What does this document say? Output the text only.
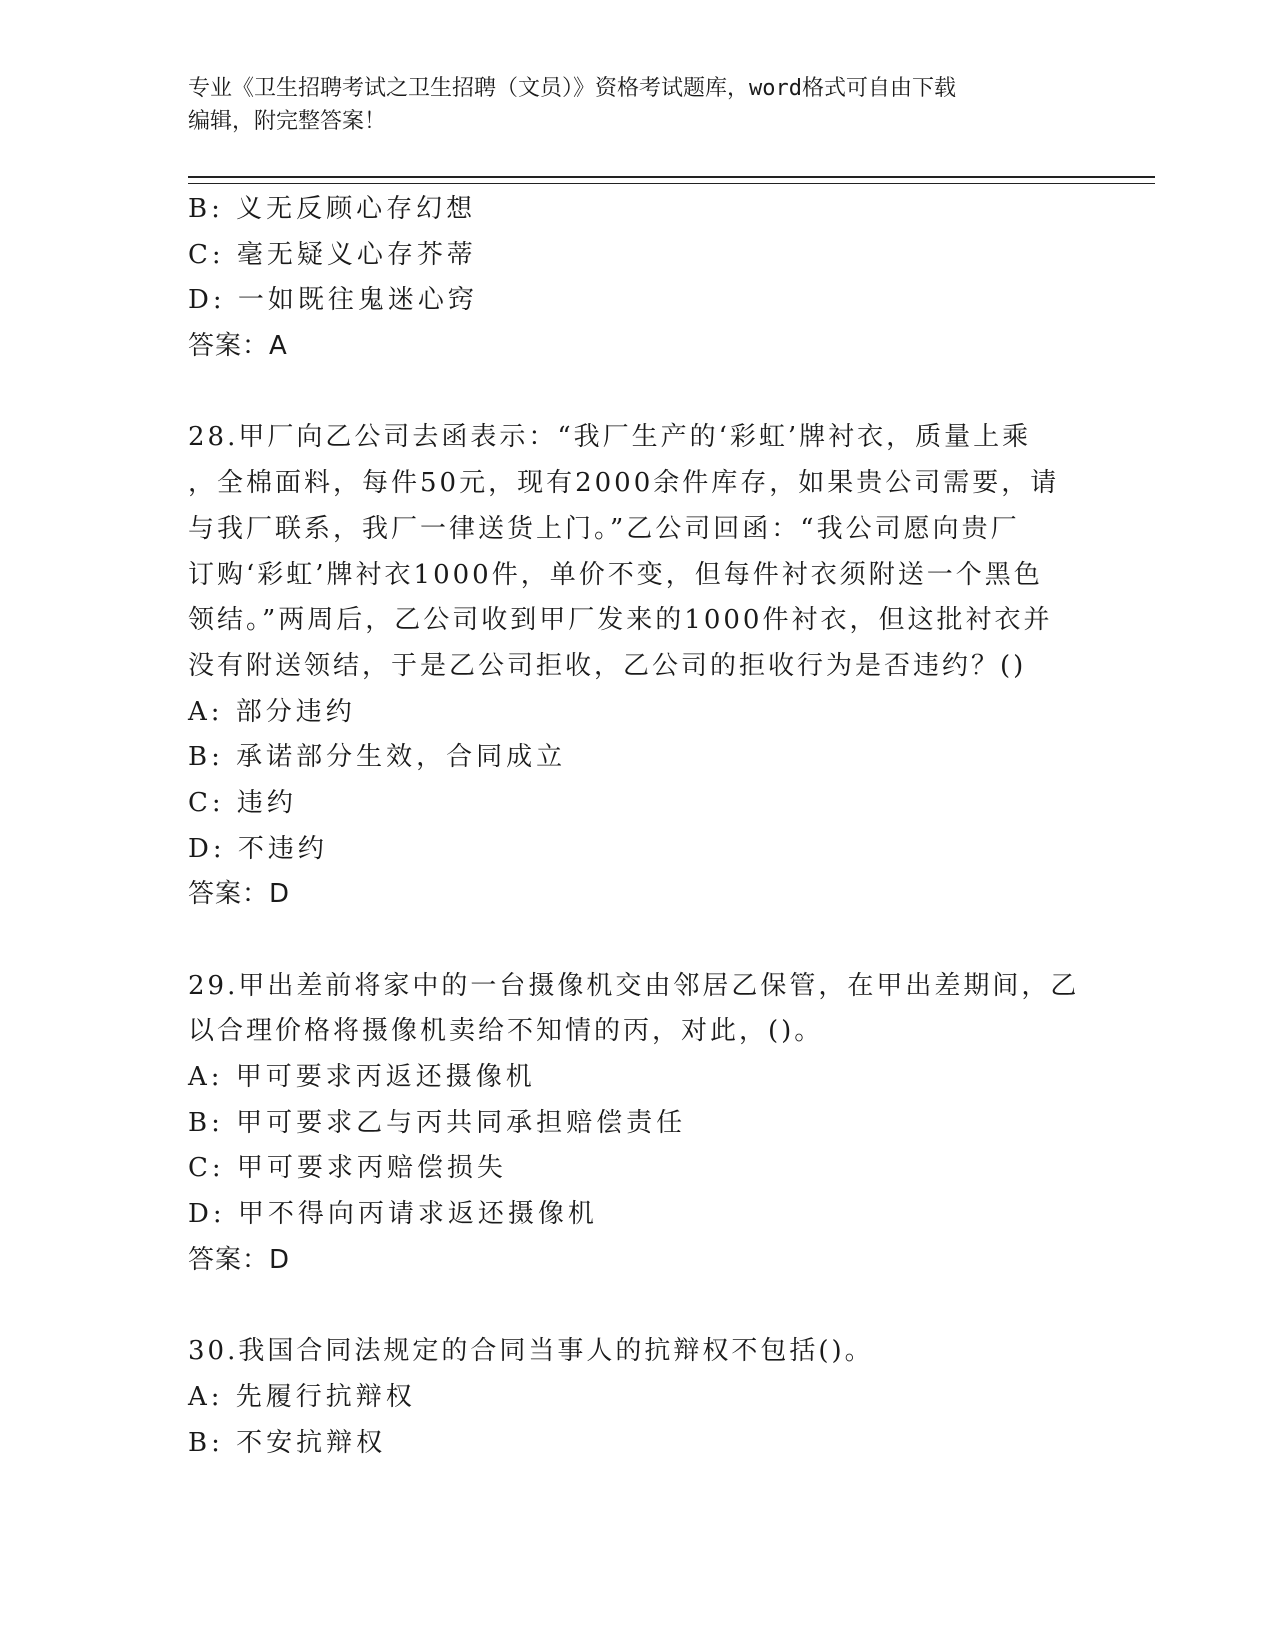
专业《卫生招聘考试之卫生招聘（文员）》资格考试题库，word格式可自由下载
编辑，附完整答案！
B: 义无反顾心存幻想
C: 毫无疑义心存芥蒂
D: 一如既往鬼迷心窍
答案：A
28.甲厂向乙公司去函表示：“我厂生产的‘彩虹’牌衬衣，质量上乘
，全棉面料，每件50元，现有2000余件库存，如果贵公司需要，请
与我厂联系，我厂一律送货上门。”乙公司回函：“我公司愿向贵厂
订购‘彩虹’牌衬衣1000件，单价不变，但每件衬衣须附送一个黑色
领结。”两周后，乙公司收到甲厂发来的1000件衬衣，但这批衬衣并
没有附送领结，于是乙公司拒收，乙公司的拒收行为是否违约？()
A: 部分违约
B: 承诺部分生效，合同成立
C: 违约
D: 不违约
答案：D
29.甲出差前将家中的一台摄像机交由邻居乙保管，在甲出差期间，乙
以合理价格将摄像机卖给不知情的丙，对此，()。
A: 甲可要求丙返还摄像机
B: 甲可要求乙与丙共同承担赔偿责任
C: 甲可要求丙赔偿损失
D: 甲不得向丙请求返还摄像机
答案：D
30.我国合同法规定的合同当事人的抗辩权不包括()。
A: 先履行抗辩权
B: 不安抗辩权
